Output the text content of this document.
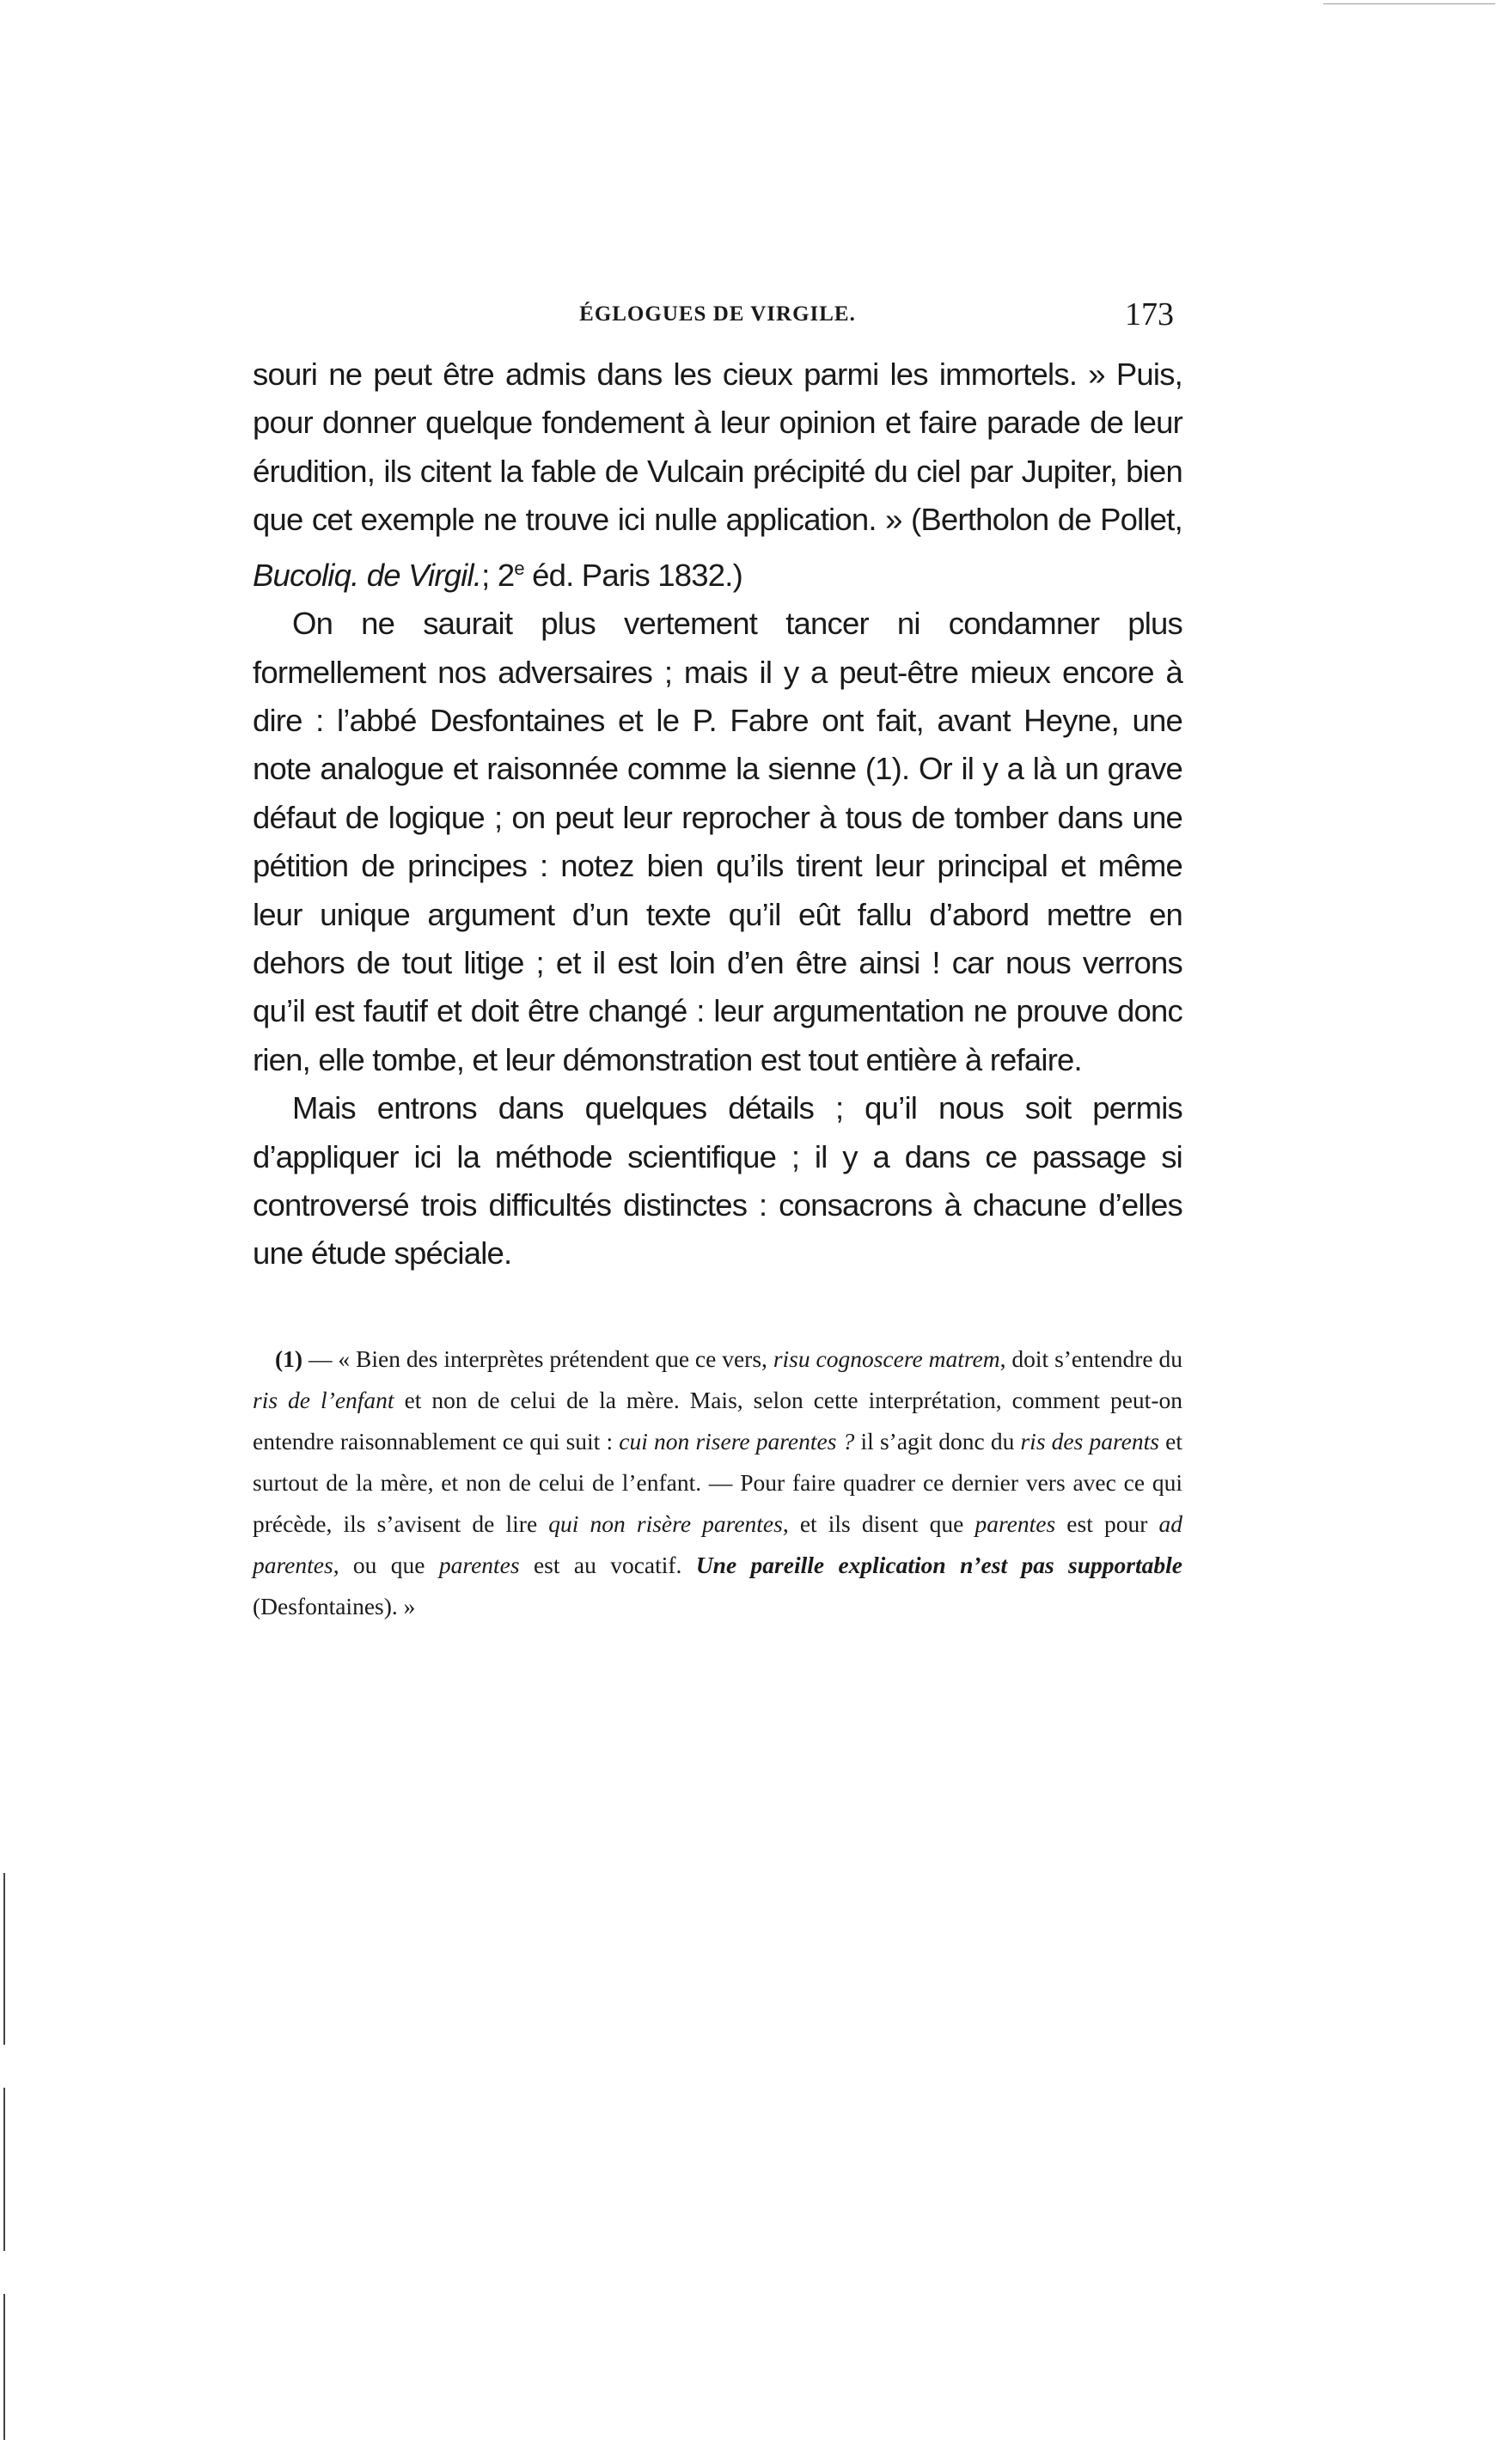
ÉGLOGUES DE VIRGILE.	173

souri ne peut être admis dans les cieux parmi les immortels. » Puis, pour donner quelque fondement à leur opinion et faire parade de leur érudition, ils citent la fable de Vulcain précipité du ciel par Jupiter, bien que cet exemple ne trouve ici nulle application. » (Bertholon de Pollet, Bucoliq. de Virgil.; 2e éd. Paris 1832.)

On ne saurait plus vertement tancer ni condamner plus formellement nos adversaires ; mais il y a peut-être mieux encore à dire : l’abbé Desfontaines et le P. Fabre ont fait, avant Heyne, une note analogue et raisonnée comme la sienne (1). Or il y a là un grave défaut de logique ; on peut leur reprocher à tous de tomber dans une pétition de principes : notez bien qu’ils tirent leur principal et même leur unique argument d’un texte qu’il eût fallu d’abord mettre en dehors de tout litige ; et il est loin d’en être ainsi ! car nous verrons qu’il est fautif et doit être changé : leur argumentation ne prouve donc rien, elle tombe, et leur démonstration est tout entière à refaire.

Mais entrons dans quelques détails ; qu’il nous soit permis d’appliquer ici la méthode scientifique ; il y a dans ce passage si controversé trois difficultés distinctes : consacrons à chacune d’elles une étude spéciale.

(1) — « Bien des interprètes prétendent que ce vers, risu cognoscere matrem, doit s’entendre du ris de l’enfant et non de celui de la mère. Mais, selon cette interprétation, comment peut-on entendre raisonnablement ce qui suit : cui non risere parentes ? il s’agit donc du ris des parents et surtout de la mère, et non de celui de l’enfant. — Pour faire quadrer ce dernier vers avec ce qui précède, ils s’avisent de lire qui non risère parentes, et ils disent que parentes est pour ad parentes, ou que parentes est au vocatif. Une pareille explication n’est pas supportable (Desfontaines). »
